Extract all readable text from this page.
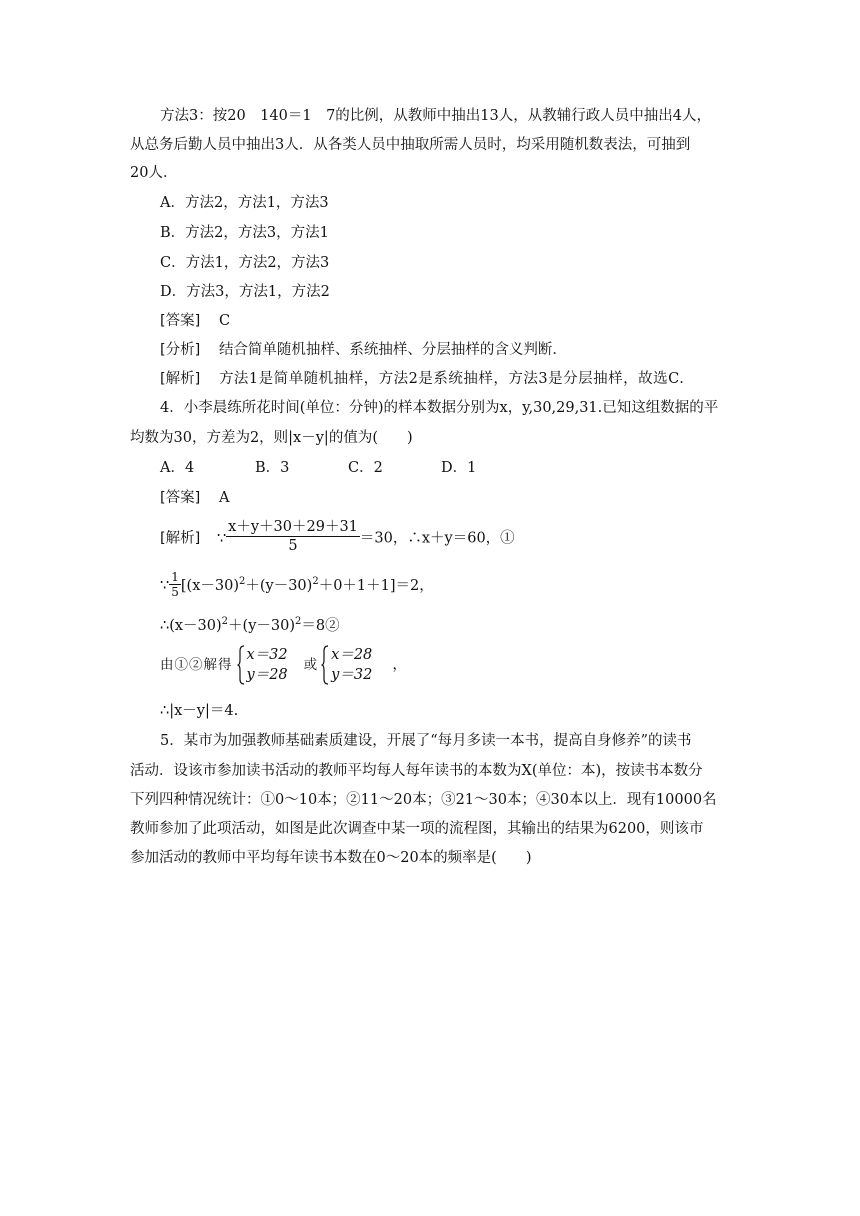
方法3：按20　140＝1　7的比例，从教师中抽出13人，从教辅行政人员中抽出4人，
从总务后勤人员中抽出3人．从各类人员中抽取所需人员时，均采用随机数表法，可抽到
20人．
A．方法2，方法1，方法3
B．方法2，方法3，方法1
C．方法1，方法2，方法3
D．方法3，方法1，方法2
[答案] C
[分析] 结合简单随机抽样、系统抽样、分层抽样的含义判断．
[解析] 方法1是简单随机抽样，方法2是系统抽样，方法3是分层抽样，故选C.
4．小李晨练所花时间(单位：分钟)的样本数据分别为x，y,30,29,31.已知这组数据的平
均数为30，方差为2，则|x－y|的值为(　　)
A．4	B．3	C．2	D．1
[答案] A
[解析] ∵ $\frac{x+y+30+29+31}{5} =30$，∴x＋y＝60，①
∵ $\frac{1}{5} [(x-30)^2+(y-30)^2+0+1+1]=2$，
$\therefore(x-30)^2+(y-30)^2=8②$
由①②解得
x＝32
y＝28
或
x＝28
y＝32
，
∴|x－y|＝4.
5．某市为加强教师基础素质建设，开展了“每月多读一本书，提高自身修养”的读书
活动．设该市参加读书活动的教师平均每人每年读书的本数为X(单位：本)，按读书本数分
下列四种情况统计：①0～10本；②11～20本；③21～30本；④30本以上．现有10000名
教师参加了此项活动，如图是此次调查中某一项的流程图，其输出的结果为6200，则该市
参加活动的教师中平均每年读书本数在0～20本的频率是(　　)
